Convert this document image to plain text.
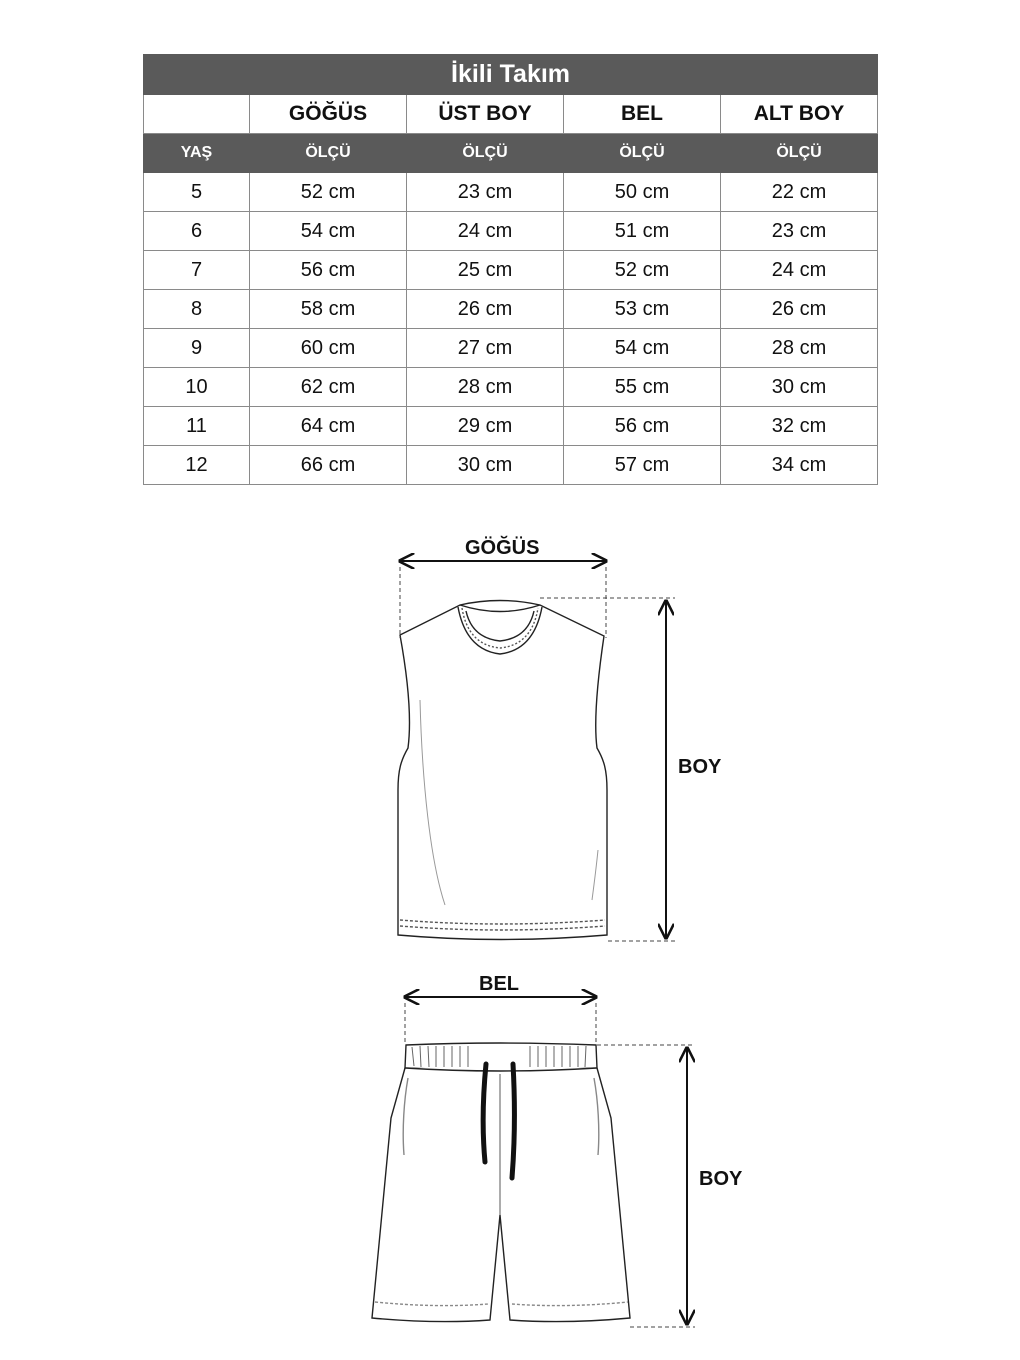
İkili Takım				
	GÖĞÜS	ÜST BOY	BEL	ALT BOY
YAŞ	ÖLÇÜ	ÖLÇÜ	ÖLÇÜ	ÖLÇÜ
5	52 cm	23 cm	50 cm	22 cm
6	54 cm	24 cm	51 cm	23 cm
7	56 cm	25 cm	52 cm	24 cm
8	58 cm	26 cm	53 cm	26 cm
9	60 cm	27 cm	54 cm	28 cm
10	62 cm	28 cm	55 cm	30 cm
11	64 cm	29 cm	56 cm	32 cm
12	66 cm	30 cm	57 cm	34 cm
GÖĞÜS
BOY
BEL
BOY
